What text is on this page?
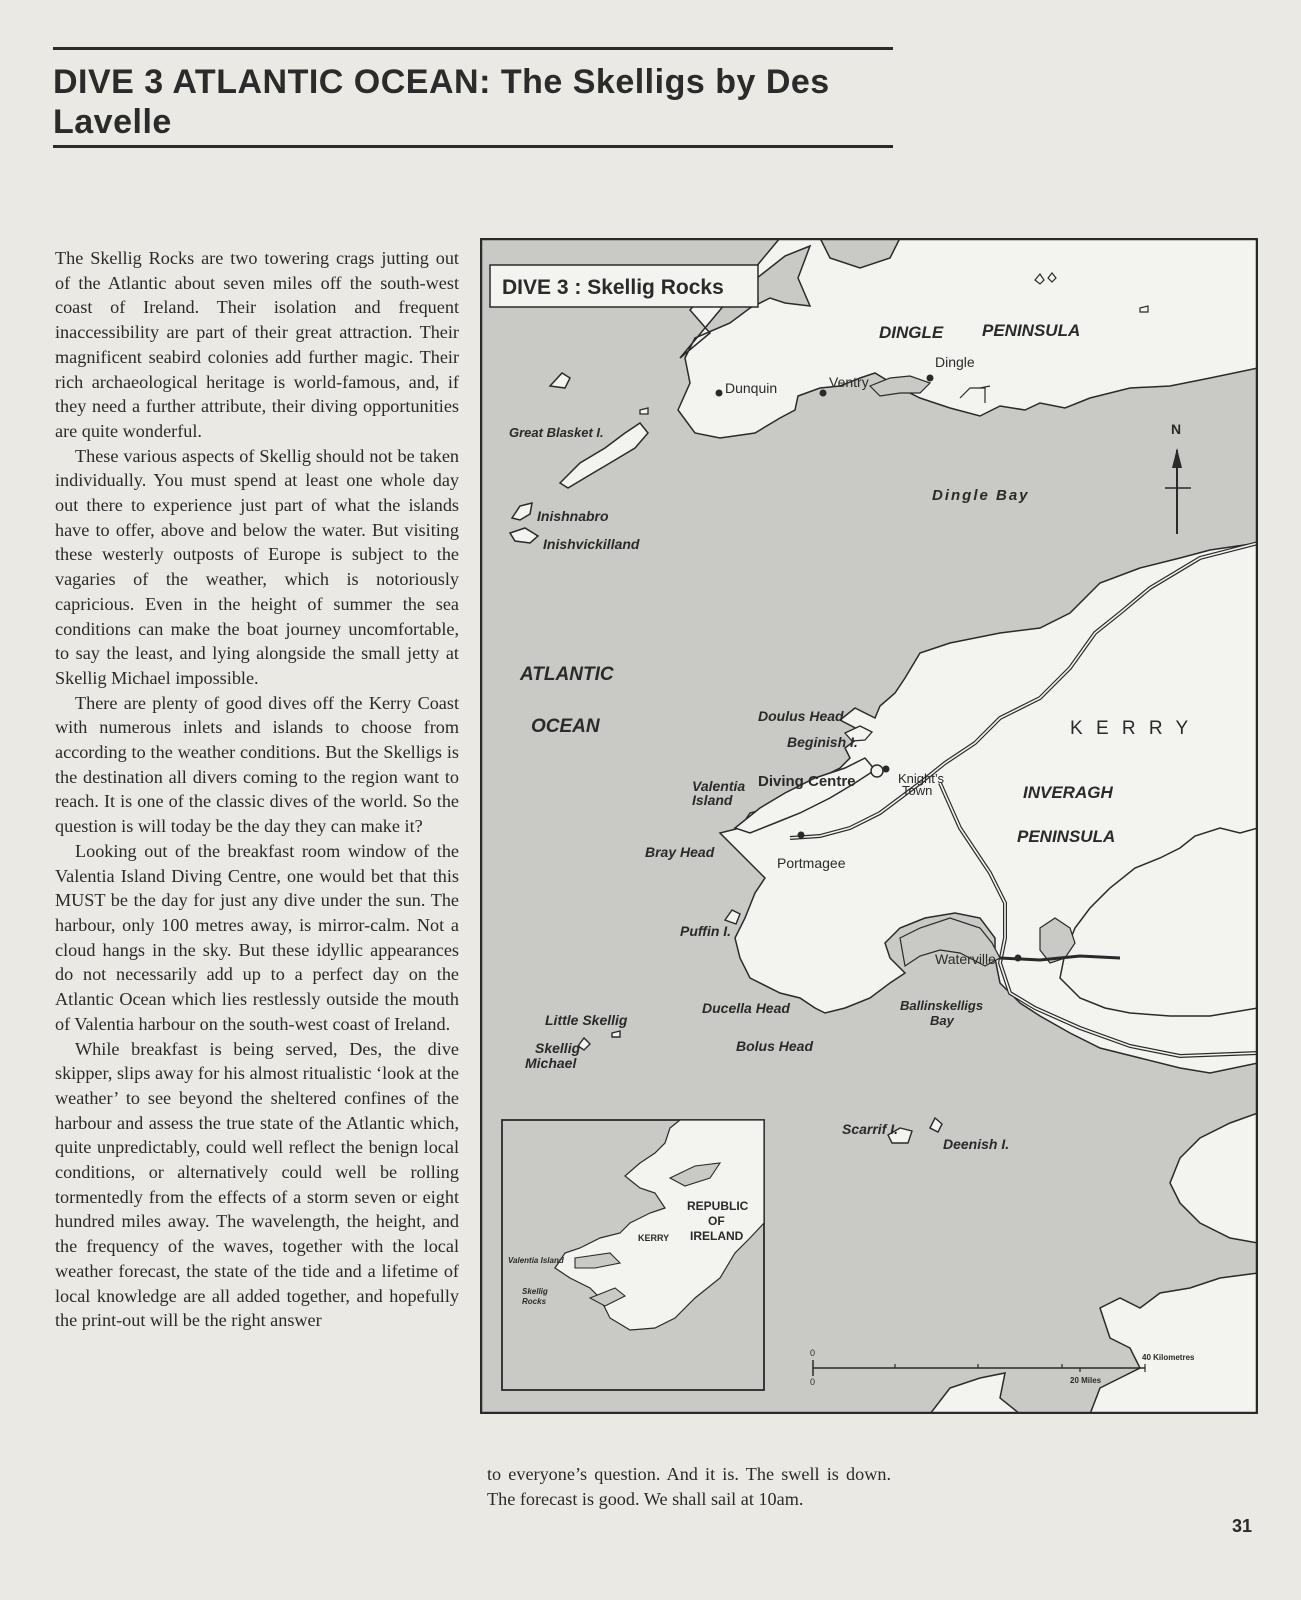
DIVE 3 ATLANTIC OCEAN: The Skelligs by Des Lavelle

The Skellig Rocks are two towering crags jutting out of the Atlantic about seven miles off the south-west coast of Ireland. Their isolation and frequent inaccessibility are part of their great attraction. Their magnificent seabird colonies add further magic. Their rich archaeological heritage is world-famous, and, if they need a further attribute, their diving opportunities are quite wonderful.

These various aspects of Skellig should not be taken individually. You must spend at least one whole day out there to experience just part of what the islands have to offer, above and below the water. But visiting these westerly outposts of Europe is subject to the vagaries of the weather, which is notoriously capricious. Even in the height of summer the sea conditions can make the boat journey uncomfortable, to say the least, and lying alongside the small jetty at Skellig Michael impossible.

There are plenty of good dives off the Kerry Coast with numerous inlets and islands to choose from according to the weather conditions. But the Skelligs is the destination all divers coming to the region want to reach. It is one of the classic dives of the world. So the question is will today be the day they can make it?

Looking out of the breakfast room window of the Valentia Island Diving Centre, one would bet that this MUST be the day for just any dive under the sun. The harbour, only 100 metres away, is mirror-calm. Not a cloud hangs in the sky. But these idyllic appearances do not necessarily add up to a perfect day on the Atlantic Ocean which lies restlessly outside the mouth of Valentia harbour on the south-west coast of Ireland.

While breakfast is being served, Des, the dive skipper, slips away for his almost ritualistic ‘look at the weather’ to see beyond the sheltered confines of the harbour and assess the true state of the Atlantic which, quite unpredictably, could well reflect the benign local conditions, or alternatively could well be rolling tormentedly from the effects of a storm seven or eight hundred miles away. The wavelength, the height, and the frequency of the waves, together with the local weather forecast, the state of the tide and a lifetime of local knowledge are all added together, and hopefully the print-out will be the right answer

DIVE 3 : Skellig Rocks
N
DINGLE PENINSULA
Dingle
Dunquin	Ventry
Great Blasket I.
Inishnabro
Inishvickilland
Dingle Bay
ATLANTIC
OCEAN	Doulus Head
Beginish I.
K E R R Y
Valentia
Island
Diving Centre	Knight’s
Town	INVERAGH
PENINSULA
Bray Head
Portmagee
Puffin I.
Waterville
Little Skellig
Skellig
Michael
Ducella Head	Ballinskelligs
Bay
Bolus Head
Scarrif I.
Deenish I.
0
0
40 Kilometres
20 Miles
REPUBLIC
OF
IRELAND
KERRY
Valentia Island
Skellig
Rocks

to everyone’s question. And it is. The swell is down. The forecast is good. We shall sail at 10am.

31
